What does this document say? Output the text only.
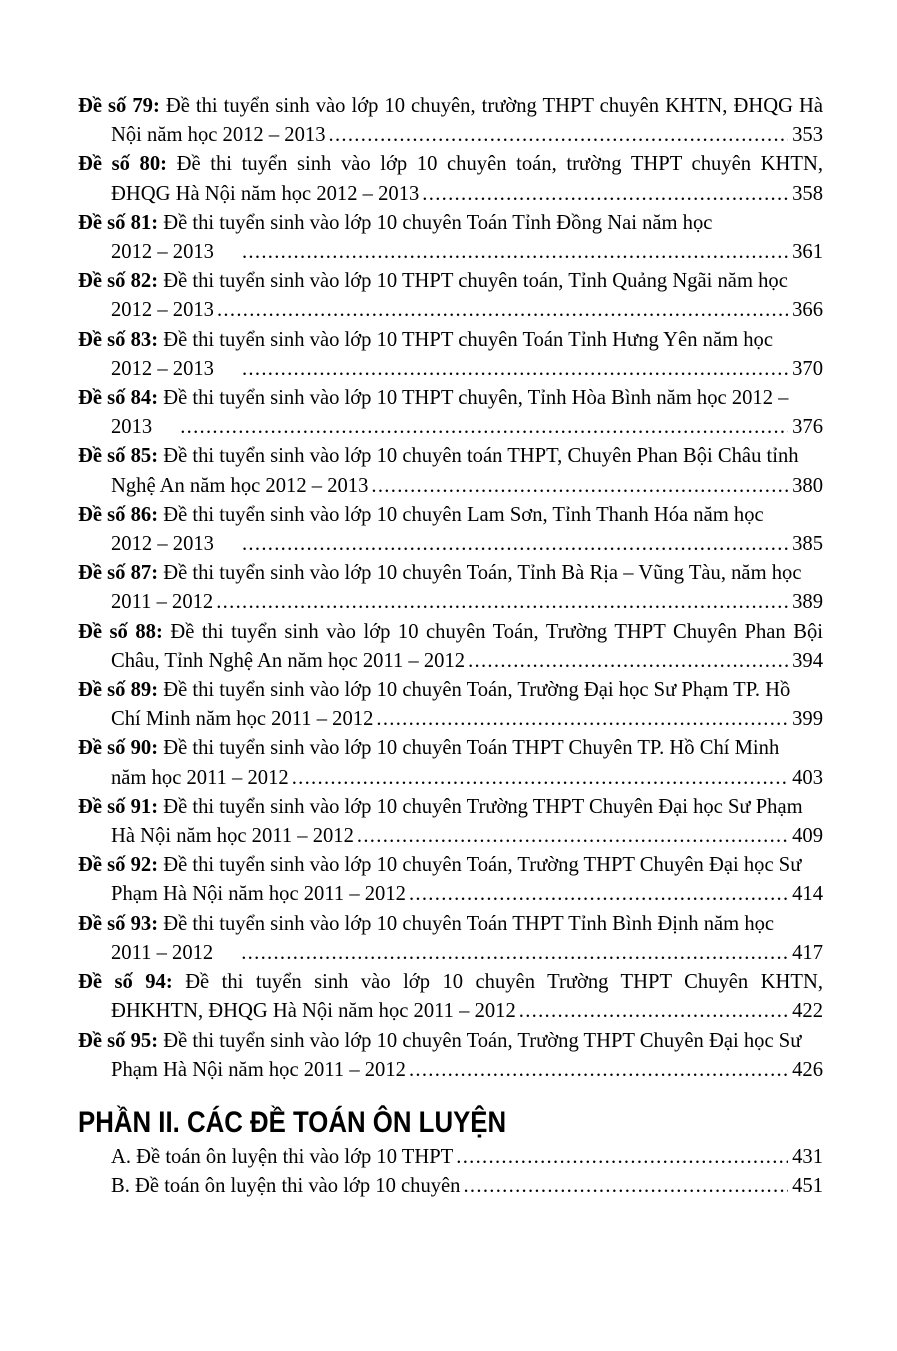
Đề số 79: Đề thi tuyển sinh vào lớp 10 chuyên, trường THPT chuyên KHTN, ĐHQG Hà
Nội năm học 2012 – 2013 .....	353
Đề số 80: Đề thi tuyển sinh vào lớp 10 chuyên toán, trường THPT chuyên KHTN,
ĐHQG Hà Nội năm học 2012 – 2013 .....	358
Đề số 81: Đề thi tuyển sinh vào lớp 10 chuyên Toán Tỉnh Đồng Nai năm học
2012 – 2013 .....	361
Đề số 82: Đề thi tuyển sinh vào lớp 10 THPT chuyên toán, Tỉnh Quảng Ngãi năm học
2012 – 2013 .....	366
Đề số 83: Đề thi tuyển sinh vào lớp 10 THPT chuyên Toán Tỉnh Hưng Yên năm học
2012 – 2013 .....	370
Đề số 84: Đề thi tuyển sinh vào lớp 10 THPT chuyên, Tỉnh Hòa Bình năm học 2012 –
2013 .....	376
Đề số 85: Đề thi tuyển sinh vào lớp 10 chuyên toán THPT, Chuyên Phan Bội Châu tỉnh
Nghệ An năm học 2012 – 2013 .....	380
Đề số 86: Đề thi tuyển sinh vào lớp 10 chuyên Lam Sơn, Tỉnh Thanh Hóa năm học
2012 – 2013 .....	385
Đề số 87: Đề thi tuyển sinh vào lớp 10 chuyên Toán, Tỉnh Bà Rịa – Vũng Tàu, năm học
2011 – 2012 .....	389
Đề số 88: Đề thi tuyển sinh vào lớp 10 chuyên Toán, Trường THPT Chuyên Phan Bội
Châu, Tỉnh Nghệ An năm học 2011 – 2012 .....	394
Đề số 89: Đề thi tuyển sinh vào lớp 10 chuyên Toán, Trường Đại học Sư Phạm TP. Hồ
Chí Minh năm học 2011 – 2012 .....	399
Đề số 90: Đề thi tuyển sinh vào lớp 10 chuyên Toán THPT Chuyên TP. Hồ Chí Minh
năm học 2011 – 2012 .....	403
Đề số 91: Đề thi tuyển sinh vào lớp 10 chuyên Trường THPT Chuyên Đại học Sư Phạm
Hà Nội năm học 2011 – 2012 .....	409
Đề số 92: Đề thi tuyển sinh vào lớp 10 chuyên Toán, Trường THPT Chuyên Đại học Sư
Phạm Hà Nội năm học 2011 – 2012 .....	414
Đề số 93: Đề thi tuyển sinh vào lớp 10 chuyên Toán THPT Tỉnh Bình Định năm học
2011 – 2012 .....	417
Đề số 94: Đề thi tuyển sinh vào lớp 10 chuyên Trường THPT Chuyên KHTN,
ĐHKHTN, ĐHQG Hà Nội năm học 2011 – 2012 .....	422
Đề số 95: Đề thi tuyển sinh vào lớp 10 chuyên Toán, Trường THPT Chuyên Đại học Sư
Phạm Hà Nội năm học 2011 – 2012 .....	426
PHẦN II. CÁC ĐỀ TOÁN ÔN LUYỆN
A. Đề toán ôn luyện thi vào lớp 10 THPT .....	431
B. Đề toán ôn luyện thi vào lớp 10 chuyên .....	451
